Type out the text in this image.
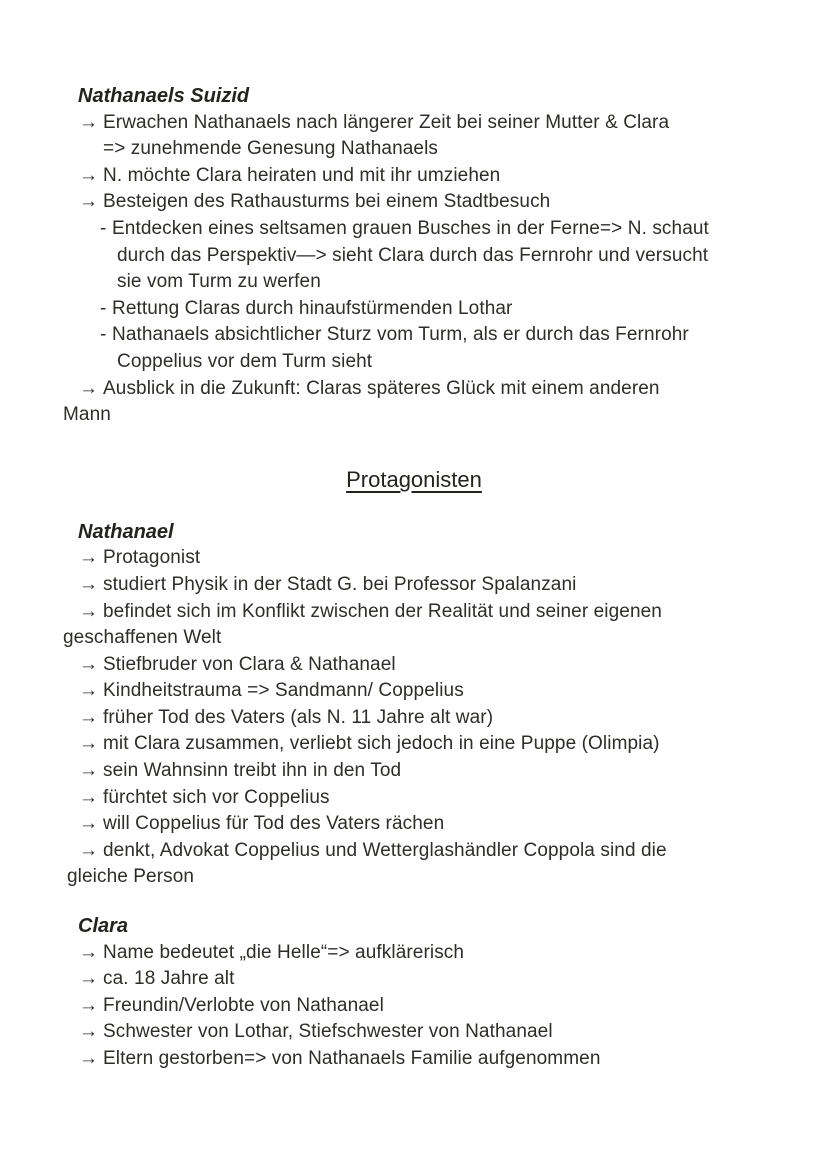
Nathanaels Suizid
→ Erwachen Nathanaels nach längerer Zeit bei seiner Mutter & Clara
=> zunehmende Genesung Nathanaels
→ N. möchte Clara heiraten und mit ihr umziehen
→ Besteigen des Rathausturms bei einem Stadtbesuch
- Entdecken eines seltsamen grauen Busches in der Ferne=> N. schaut
durch das Perspektiv—> sieht Clara durch das Fernrohr und versucht
sie vom Turm zu werfen
- Rettung Claras durch hinaufstürmenden Lothar
- Nathanaels absichtlicher Sturz vom Turm, als er durch das Fernrohr
Coppelius vor dem Turm sieht
→ Ausblick in die Zukunft: Claras späteres Glück mit einem anderen
Mann
Protagonisten
Nathanael
→ Protagonist
→ studiert Physik in der Stadt G. bei Professor Spalanzani
→ befindet sich im Konflikt zwischen der Realität und seiner eigenen
geschaffenen Welt
→ Stiefbruder von Clara & Nathanael
→ Kindheitstrauma => Sandmann/ Coppelius
→ früher Tod des Vaters (als N. 11 Jahre alt war)
→ mit Clara zusammen, verliebt sich jedoch in eine Puppe (Olimpia)
→ sein Wahnsinn treibt ihn in den Tod
→ fürchtet sich vor Coppelius
→ will Coppelius für Tod des Vaters rächen
→ denkt, Advokat Coppelius und Wetterglashändler Coppola sind die
gleiche Person
Clara
→ Name bedeutet „die Helle“=> aufklärerisch
→ ca. 18 Jahre alt
→ Freundin/Verlobte von Nathanael
→ Schwester von Lothar, Stiefschwester von Nathanael
→ Eltern gestorben=> von Nathanaels Familie aufgenommen
